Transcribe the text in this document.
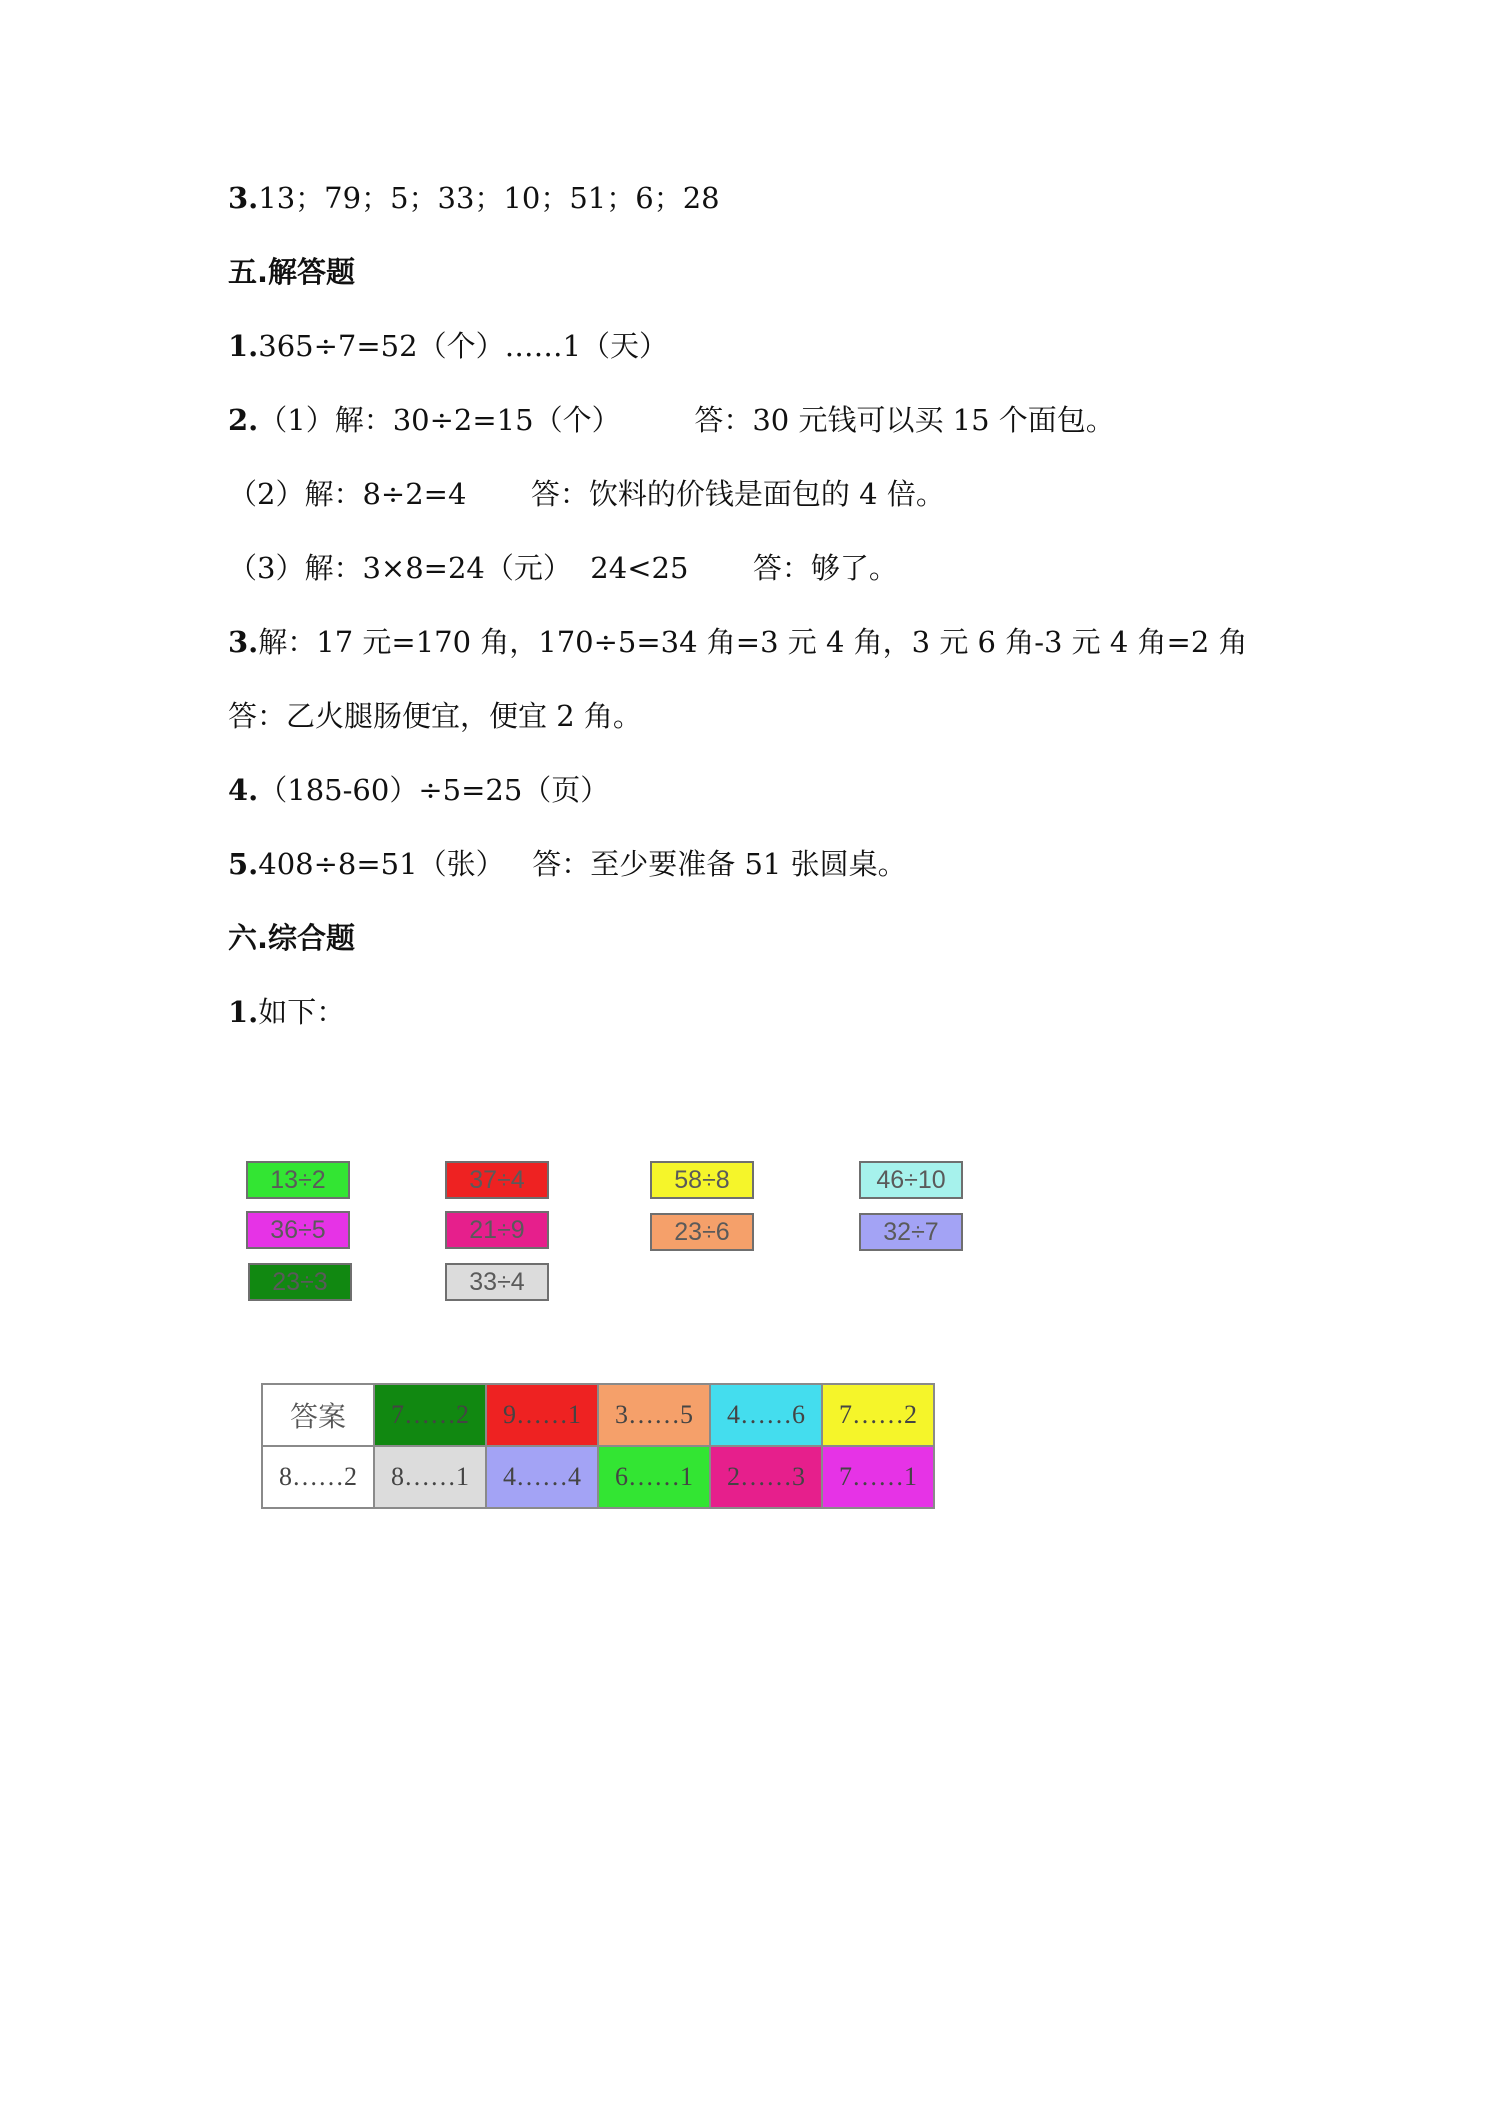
3.13；79；5；33；10；51；6；28
五.解答题
1.365÷7=52（个）……1（天）
2.（1）解：30÷2=15（个）        答：30 元钱可以买 15 个面包。
（2）解：8÷2=4       答：饮料的价钱是面包的 4 倍。
（3）解：3×8=24（元）  24<25       答：够了。
3.解：17 元=170 角，170÷5=34 角=3 元 4 角，3 元 6 角-3 元 4 角=2 角
答：乙火腿肠便宜，便宜 2 角。
4.（185-60）÷5=25（页）
5.408÷8=51（张）   答：至少要准备 51 张圆桌。
六.综合题
1.如下：
13÷2
36÷5
23÷3
37÷4
21÷9
33÷4
58÷8
23÷6
46÷10
32÷7
答案	7……2	9……1	3……5	4……6	7……2
8……2	8……1	4……4	6……1	2……3	7……1
